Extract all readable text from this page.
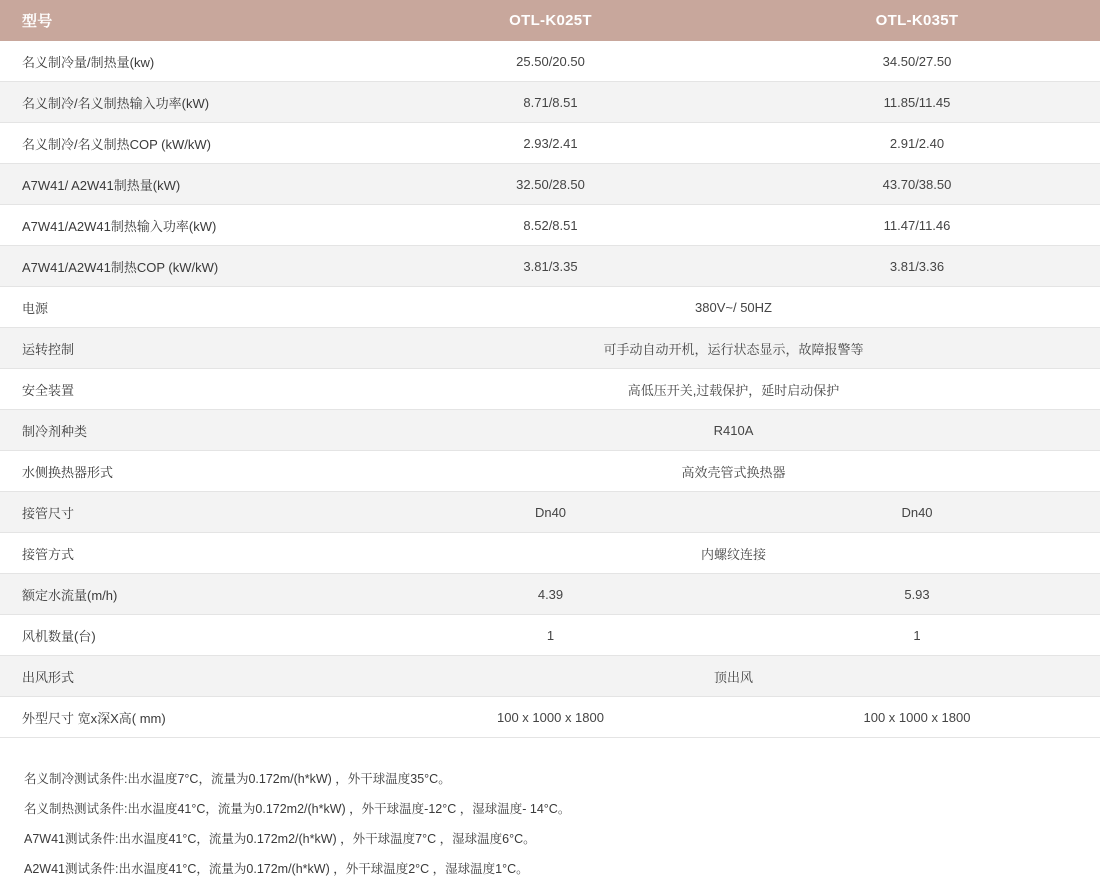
型号	OTL-K025T	OTL-K035T
名义制冷量/制热量(kw)	25.50/20.50	34.50/27.50
名义制冷/名义制热输入功率(kW)	8.71/8.51	11.85/11.45
名义制冷/名义制热COP (kW/kW)	2.93/2.41	2.91/2.40
A7W41/ A2W41制热量(kW)	32.50/28.50	43.70/38.50
A7W41/A2W41制热输入功率(kW)	8.52/8.51	11.47/11.46
A7W41/A2W41制热COP (kW/kW)	3.81/3.35	3.81/3.36
电源	380V~/ 50HZ	
运转控制	可手动自动开机，运行状态显示，故障报警等	
安全装置	高低压开关,过载保护，延时启动保护	
制冷剂种类	R410A	
水侧换热器形式	高效壳管式换热器	
接管尺寸	Dn40	Dn40
接管方式	内螺纹连接	
额定水流量(m/h)	4.39	5.93
风机数量(台)	1	1
出风形式	顶出风	
外型尺寸 宽x深X高( mm)	100 x 1000 x 1800	100 x 1000 x 1800
名义制冷测试条件:出水温度7°C，流量为0.172m/(h*kW) ，外干球温度35°C。
名义制热测试条件:出水温度41°C，流量为0.172m2/(h*kW) ，外干球温度-12°C ，湿球温度- 14°C。
A7W41测试条件:出水温度41°C，流量为0.172m2/(h*kW) ，外干球温度7°C ，湿球温度6°C。
A2W41测试条件:出水温度41°C，流量为0.172m/(h*kW) ，外干球温度2°C ，湿球温度1°C。
